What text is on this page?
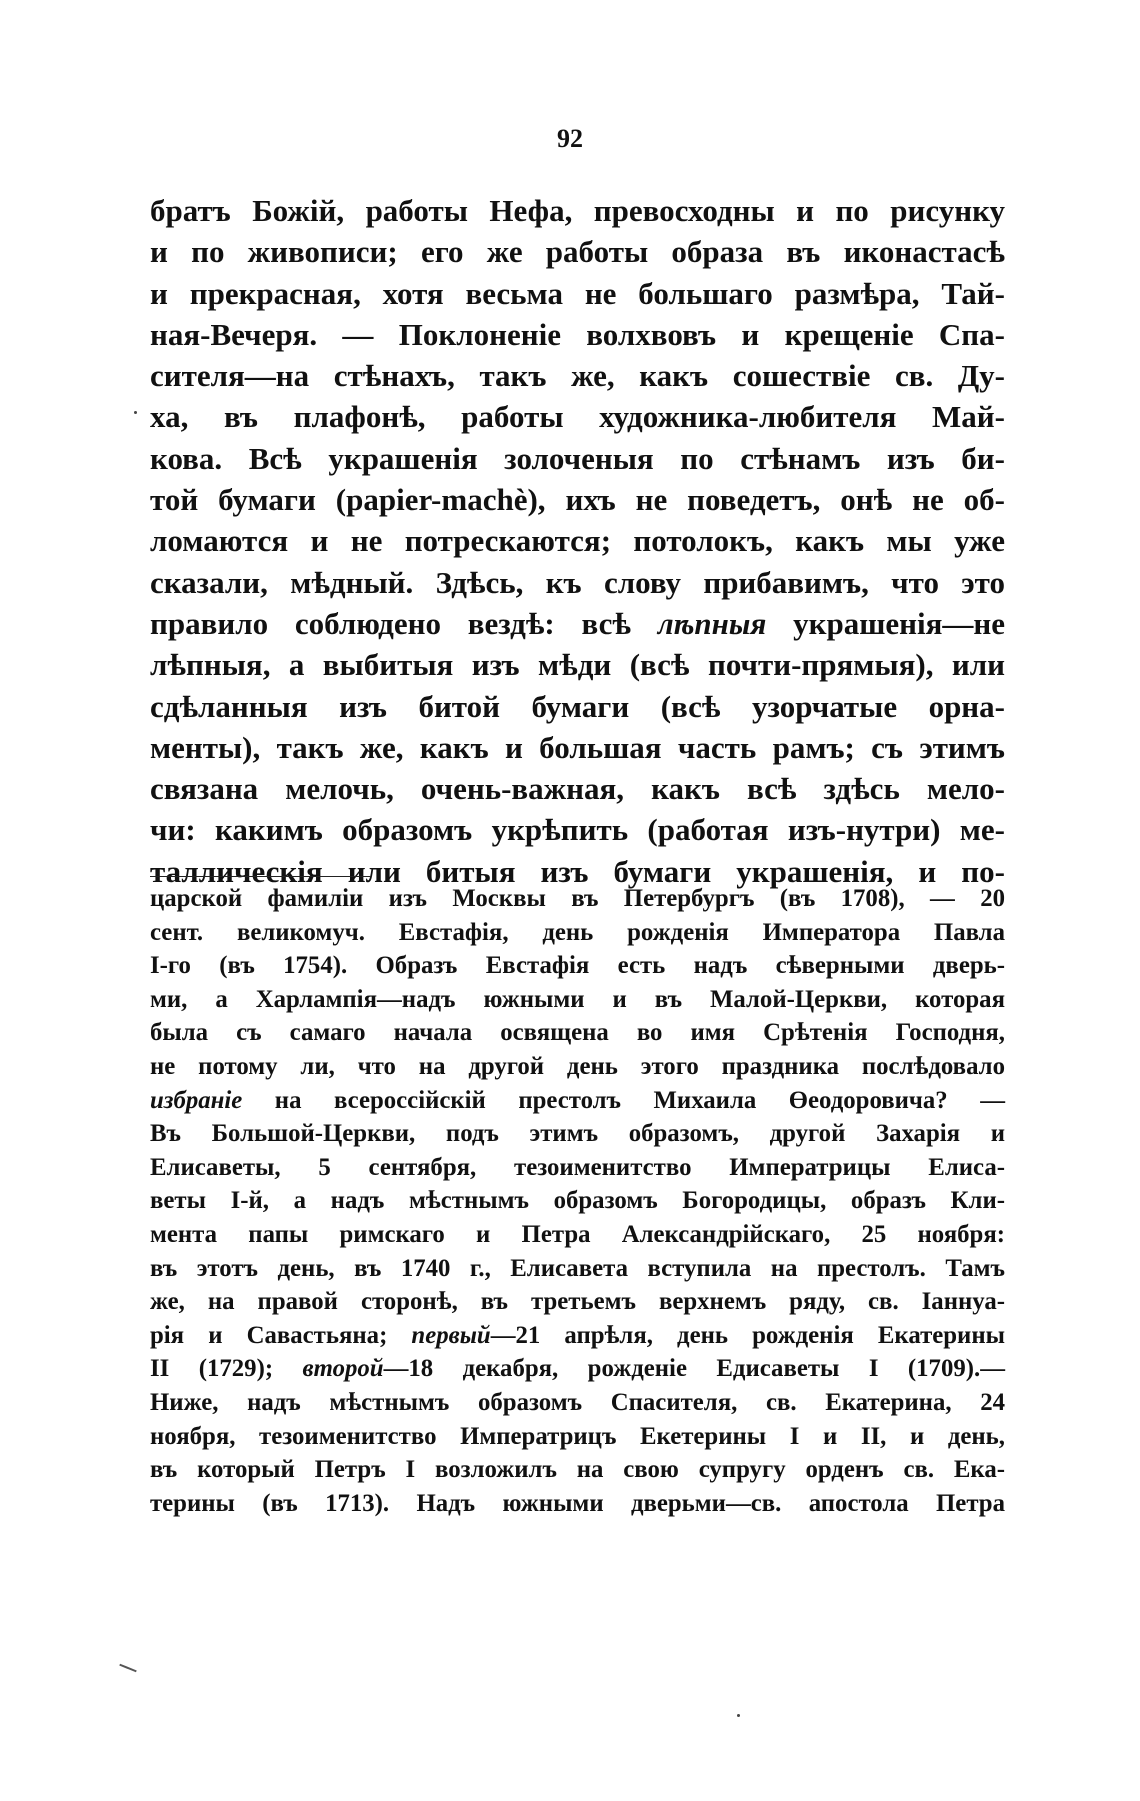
92
братъ Божій, работы Нефа, превосходны и по рисунку
и по живописи; его же работы образа въ иконастасѣ
и прекрасная, хотя весьма не большаго размѣра, Тай-
ная-Вечеря. — Поклоненіе волхвовъ и крещеніе Спа-
сителя—на стѣнахъ, такъ же, какъ сошествіе св. Ду-
ха, въ плафонѣ, работы художника-любителя Май-
кова. Всѣ украшенія золоченыя по стѣнамъ изъ би-
той бумаги (papier-machè), ихъ не поведетъ, онѣ не об-
ломаются и не потрескаются; потолокъ, какъ мы уже
сказали, мѣдный. Здѣсь, къ слову прибавимъ, что это
правило соблюдено вездѣ: всѣ лѣпныя украшенія—не
лѣпныя, а выбитыя изъ мѣди (всѣ почти-прямыя), или
сдѣланныя изъ битой бумаги (всѣ узорчатые орна-
менты), такъ же, какъ и большая часть рамъ; съ этимъ
связана мелочь, очень-важная, какъ всѣ здѣсь мело-
чи: какимъ образомъ укрѣпить (работая изъ-нутри) ме-
таллическія или битыя изъ бумаги украшенія, и по-
царской фамиліи изъ Москвы въ Петербургъ (въ 1708), — 20
сент. великомуч. Евстафія, день рожденія Императора Павла
І-го (въ 1754). Образъ Евстафія есть надъ сѣверными дверь-
ми, а Харлампія—надъ южными и въ Малой-Церкви, которая
была съ самаго начала освящена во имя Срѣтенія Господня,
не потому ли, что на другой день этого праздника послѣдовало
избраніе на всероссійскій престолъ Михаила Өеодоровича? —
Въ Большой-Церкви, подъ этимъ образомъ, другой Захарія и
Елисаветы, 5 сентября, тезоименитство Императрицы Елиса-
веты І-й, а надъ мѣстнымъ образомъ Богородицы, образъ Кли-
мента папы римскаго и Петра Александрійскаго, 25 ноября:
въ этотъ день, въ 1740 г., Елисавета вступила на престолъ. Тамъ
же, на правой сторонѣ, въ третьемъ верхнемъ ряду, св. Іаннуа-
рія и Савастьяна; первый—21 апрѣля, день рожденія Екатерины
II (1729); второй—18 декабря, рожденіе Едисаветы I (1709).—
Ниже, надъ мѣстнымъ образомъ Спасителя, св. Екатерина, 24
ноября, тезоименитство Императрицъ Екетерины I и II, и день,
въ который Петръ I возложилъ на свою супругу орденъ св. Ека-
терины (въ 1713). Надъ южными дверьми—св. апостола Петра
